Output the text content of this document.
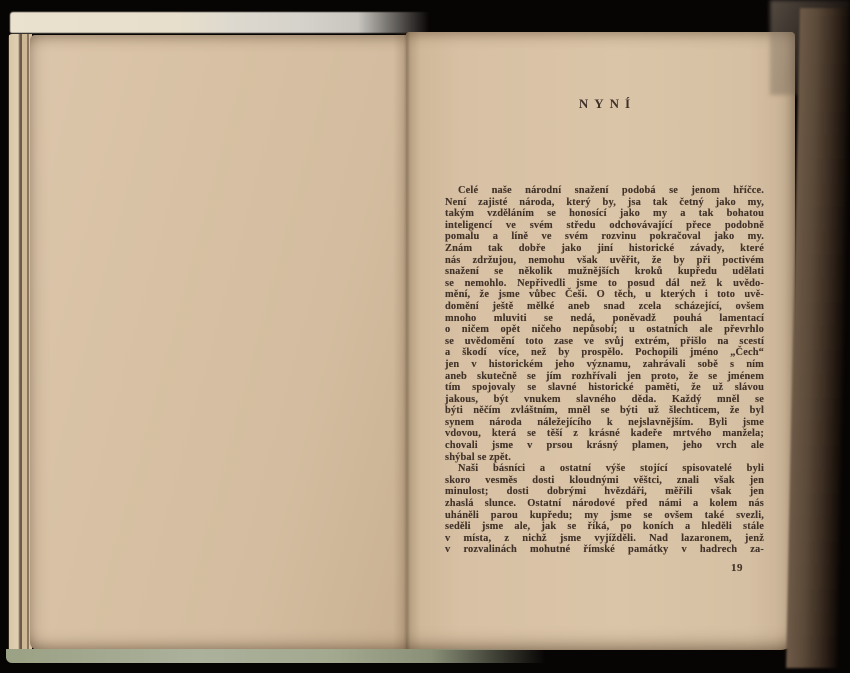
NYNÍ
Celé naše národní snažení podobá se jenom hříčce.
Není zajisté národa, který by, jsa tak četný jako my,
takým vzděláním se honosící jako my a tak bohatou
inteligencí ve svém středu odchovávající přece podobně
pomalu a líně ve svém rozvinu pokračoval jako my.
Znám tak dobře jako jiní historické závady, které
nás zdržujou, nemohu však uvěřit, že by při poctivém
snažení se několik mužnějších kroků kupředu udělati
se nemohlo. Nepřivedli jsme to posud dál než k uvědo-
mění, že jsme vůbec Češi. O těch, u kterých i toto uvě-
domění ještě mělké aneb snad zcela scházející, ovšem
mnoho mluviti se nedá, poněvadž pouhá lamentací
o ničem opět ničeho nepůsobí; u ostatních ale převrhlo
se uvědomění toto zase ve svůj extrém, přišlo na scestí
a škodí více, než by prospělo. Pochopili jméno „Čech“
jen v historickém jeho významu, zahrávali sobě s ním
aneb skutečně se jím rozhřívali jen proto, že se jménem
tím spojovaly se slavné historické paměti, že už slávou
jakous, být vnukem slavného děda. Každý mněl se
býti něčím zvláštním, mněl se býti už šlechticem, že byl
synem národa náležejícího k nejslavnějším. Byli jsme
vdovou, která se těší z krásné kadeře mrtvého manžela;
chovali jsme v prsou krásný plamen, jeho vrch ale
shýbal se zpět.
Naši básníci a ostatní výše stojící spisovatelé byli
skoro vesměs dosti kloudnými věštci, znali však jen
minulost; dosti dobrými hvězdáři, měřili však jen
zhaslá slunce. Ostatní národové před námi a kolem nás
uháněli parou kupředu; my jsme se ovšem také svezli,
seděli jsme ale, jak se říká, po koních a hleděli stále
v místa, z nichž jsme vyjížděli. Nad lazaronem, jenž
v rozvalinách mohutné římské památky v hadrech za-
19
